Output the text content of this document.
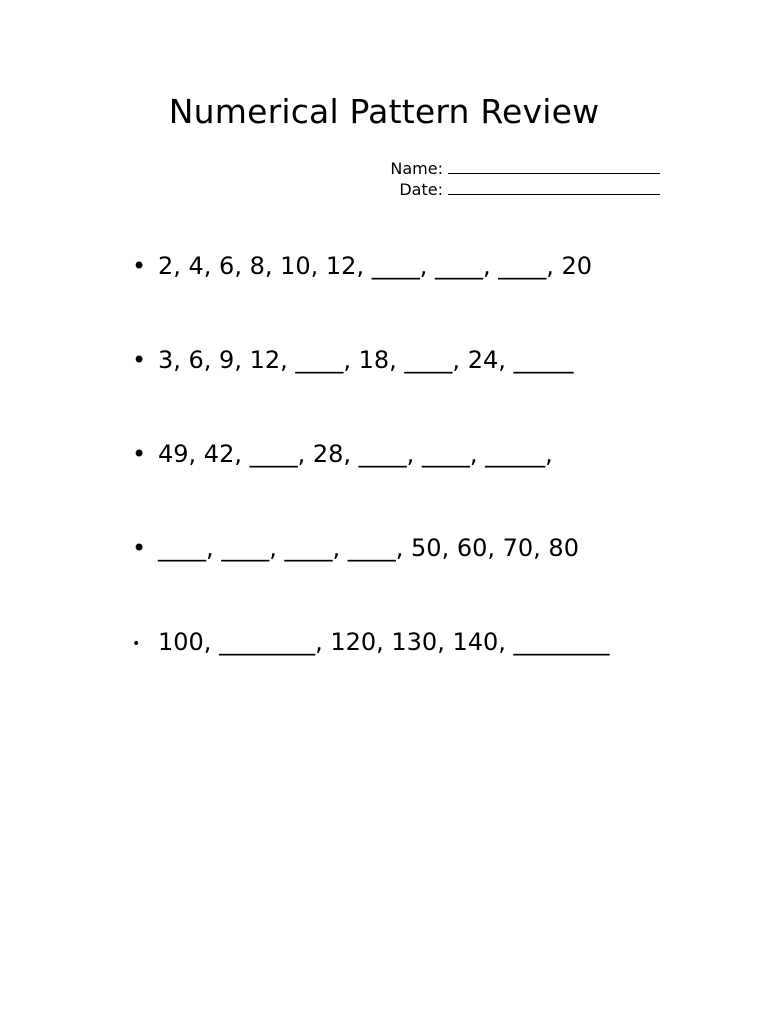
Numerical Pattern Review
Name:
Date:
• 2, 4, 6, 8, 10, 12, ____, ____, ____, 20
• 3, 6, 9, 12, ____, 18, ____, 24, _____
• 49, 42, ____, 28, ____, ____, _____,
• ____, ____, ____, ____, 50, 60, 70, 80
• 100, ________, 120, 130, 140, ________
